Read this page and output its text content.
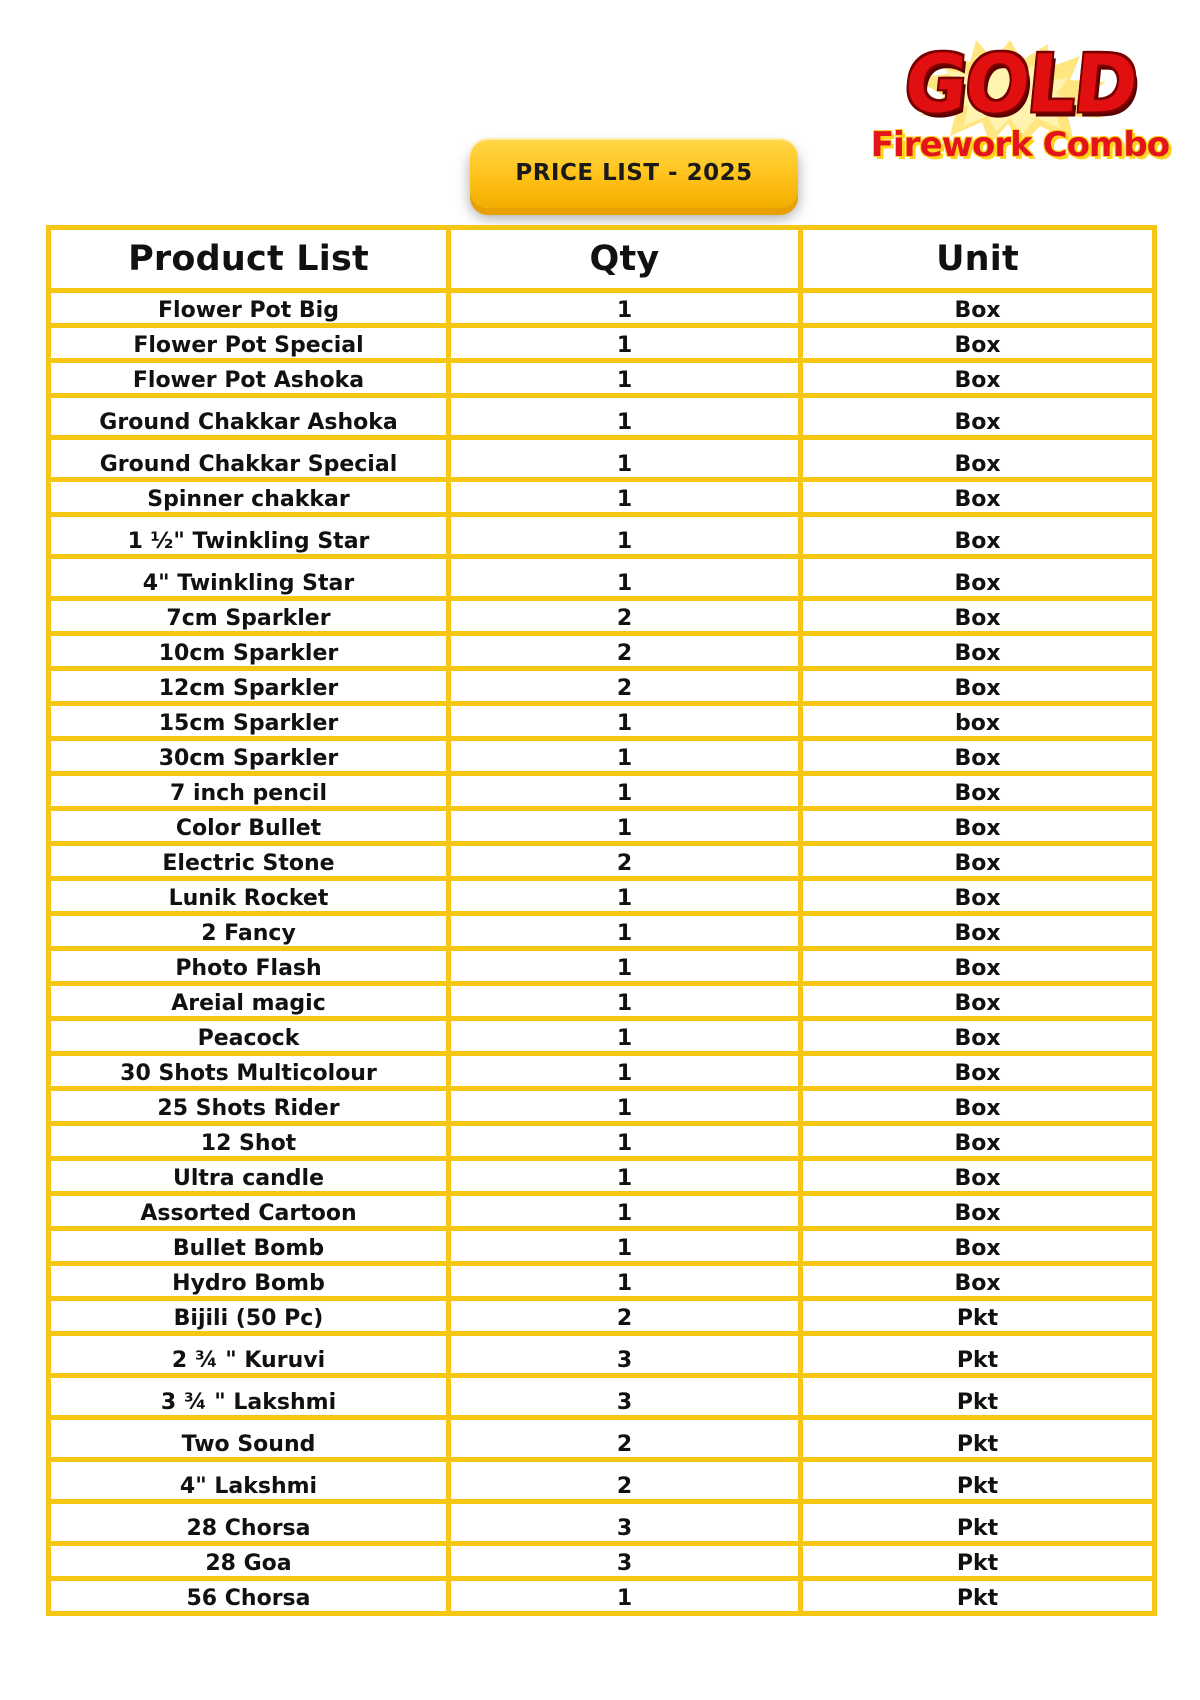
GOLD
Firework Combo
PRICE LIST - 2025
Product List	Qty	Unit
Flower Pot Big	1	Box
Flower Pot Special	1	Box
Flower Pot Ashoka	1	Box
Ground Chakkar Ashoka	1	Box
Ground Chakkar Special	1	Box
Spinner chakkar	1	Box
1 ½" Twinkling Star	1	Box
4" Twinkling Star	1	Box
7cm Sparkler	2	Box
10cm Sparkler	2	Box
12cm Sparkler	2	Box
15cm Sparkler	1	box
30cm Sparkler	1	Box
7 inch pencil	1	Box
Color Bullet	1	Box
Electric Stone	2	Box
Lunik Rocket	1	Box
2 Fancy	1	Box
Photo Flash	1	Box
Areial magic	1	Box
Peacock	1	Box
30 Shots Multicolour	1	Box
25 Shots Rider	1	Box
12 Shot	1	Box
Ultra candle	1	Box
Assorted Cartoon	1	Box
Bullet Bomb	1	Box
Hydro Bomb	1	Box
Bijili (50 Pc)	2	Pkt
2 ¾ " Kuruvi	3	Pkt
3 ¾ " Lakshmi	3	Pkt
Two Sound	2	Pkt
4" Lakshmi	2	Pkt
28 Chorsa	3	Pkt
28 Goa	3	Pkt
56 Chorsa	1	Pkt
